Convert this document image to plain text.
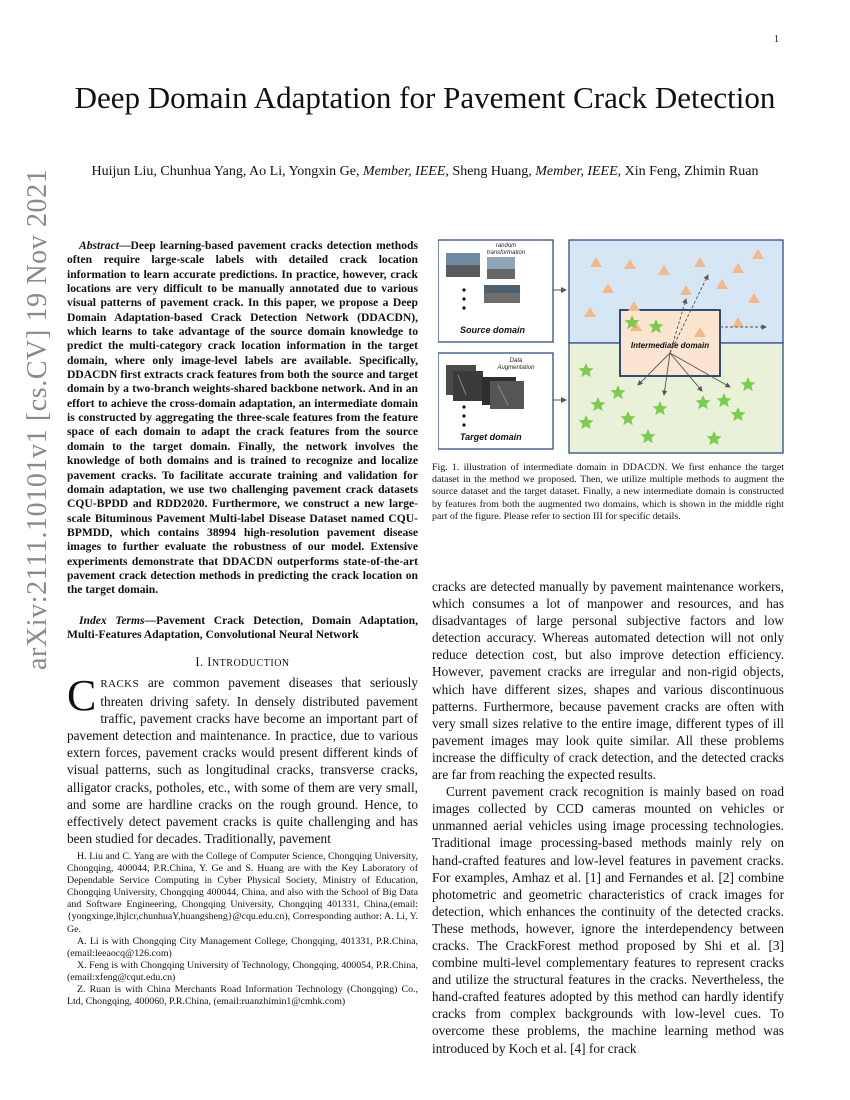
1
arXiv:2111.10101v1 [cs.CV] 19 Nov 2021
Deep Domain Adaptation for Pavement Crack Detection
Huijun Liu, Chunhua Yang, Ao Li, Yongxin Ge, Member, IEEE, Sheng Huang, Member, IEEE, Xin Feng, Zhimin Ruan

Abstract—Deep learning-based pavement cracks detection methods often require large-scale labels with detailed crack location information to learn accurate predictions. In practice, however, crack locations are very difficult to be manually annotated due to various visual patterns of pavement crack. In this paper, we propose a Deep Domain Adaptation-based Crack Detection Network (DDACDN), which learns to take advantage of the source domain knowledge to predict the multi-category crack location information in the target domain, where only image-level labels are available. Specifically, DDACDN first extracts crack features from both the source and target domain by a two-branch weights-shared backbone network. And in an effort to achieve the cross-domain adaptation, an intermediate domain is constructed by aggregating the three-scale features from the feature space of each domain to adapt the crack features from the source domain to the target domain. Finally, the network involves the knowledge of both domains and is trained to recognize and localize pavement cracks. To facilitate accurate training and validation for domain adaptation, we use two challenging pavement crack datasets CQU-BPDD and RDD2020. Furthermore, we construct a new large-scale Bituminous Pavement Multi-label Disease Dataset named CQU-BPMDD, which contains 38994 high-resolution pavement disease images to further evaluate the robustness of our model. Extensive experiments demonstrate that DDACDN outperforms state-of-the-art pavement crack detection methods in predicting the crack location on the target domain.

Index Terms—Pavement Crack Detection, Domain Adaptation, Multi-Features Adaptation, Convolutional Neural Network

I. INTRODUCTION

CRACKS are common pavement diseases that seriously threaten driving safety. In densely distributed pavement traffic, pavement cracks have become an important part of pavement detection and maintenance. In practice, due to various extern forces, pavement cracks would present different kinds of visual patterns, such as longitudinal cracks, transverse cracks, alligator cracks, potholes, etc., with some of them are very small, and some are hardline cracks on the rough ground. Hence, to effectively detect pavement cracks is quite challenging and has been studied for decades. Traditionally, pavement

H. Liu and C. Yang are with the College of Computer Science, Chongqing University, Chongqing, 400044, P.R.China, Y. Ge and S. Huang are with the Key Laboratory of Dependable Service Computing in Cyber Physical Society, Ministry of Education, Chongqing University, Chongqing 400044, China, and also with the School of Big Data and Software Engineering, Chongqing University, Chongqing 401331, China,(email:{yongxinge,lhjlcr,chunhuaY,huangsheng}@cqu.edu.cn), Corresponding author: A. Li, Y. Ge.

A. Li is with Chongqing City Management College, Chongqing, 401331, P.R.China,(email:leeaocq@126.com)

X. Feng is with Chongqing University of Technology, Chongqing, 400054, P.R.China,(email:xfeng@cqut.edu.cn)

Z. Ruan is with China Merchants Road Information Technology (Chongqing) Co., Ltd, Chongqing, 400060, P.R.China, (email:ruanzhimin1@cmhk.com)

random
transformation
Source domain
Data
Augmentation
Target domain
Intermediate domain
Fig. 1. illustration of intermediate domain in DDACDN. We first enhance the target dataset in the method we proposed. Then, we utilize multiple methods to augment the source dataset and the target dataset. Finally, a new intermediate domain is constructed by features from both the augmented two domains, which is shown in the middle right part of the figure. Please refer to section III for specific details.

cracks are detected manually by pavement maintenance workers, which consumes a lot of manpower and resources, and has disadvantages of large personal subjective factors and low detection accuracy. Whereas automated detection will not only reduce detection cost, but also improve detection efficiency. However, pavement cracks are irregular and non-rigid objects, which have different sizes, shapes and various discontinuous patterns. Furthermore, because pavement cracks are often with very small sizes relative to the entire image, different types of ill pavement images may look quite similar. All these problems increase the difficulty of crack detection, and the detected cracks are far from reaching the expected results.

Current pavement crack recognition is mainly based on road images collected by CCD cameras mounted on vehicles or unmanned aerial vehicles using image processing technologies. Traditional image processing-based methods mainly rely on hand-crafted features and low-level features in pavement cracks. For examples, Amhaz et al. [1] and Fernandes et al. [2] combine photometric and geometric characteristics of crack images for detection, which enhances the continuity of the detected cracks. These methods, however, ignore the interdependency between cracks. The CrackForest method proposed by Shi et al. [3] combine multi-level complementary features to represent cracks and utilize the structural features in the cracks. Nevertheless, the hand-crafted features adopted by this method can hardly identify cracks from complex backgrounds with low-level cues. To overcome these problems, the machine learning method was introduced by Koch et al. [4] for crack
